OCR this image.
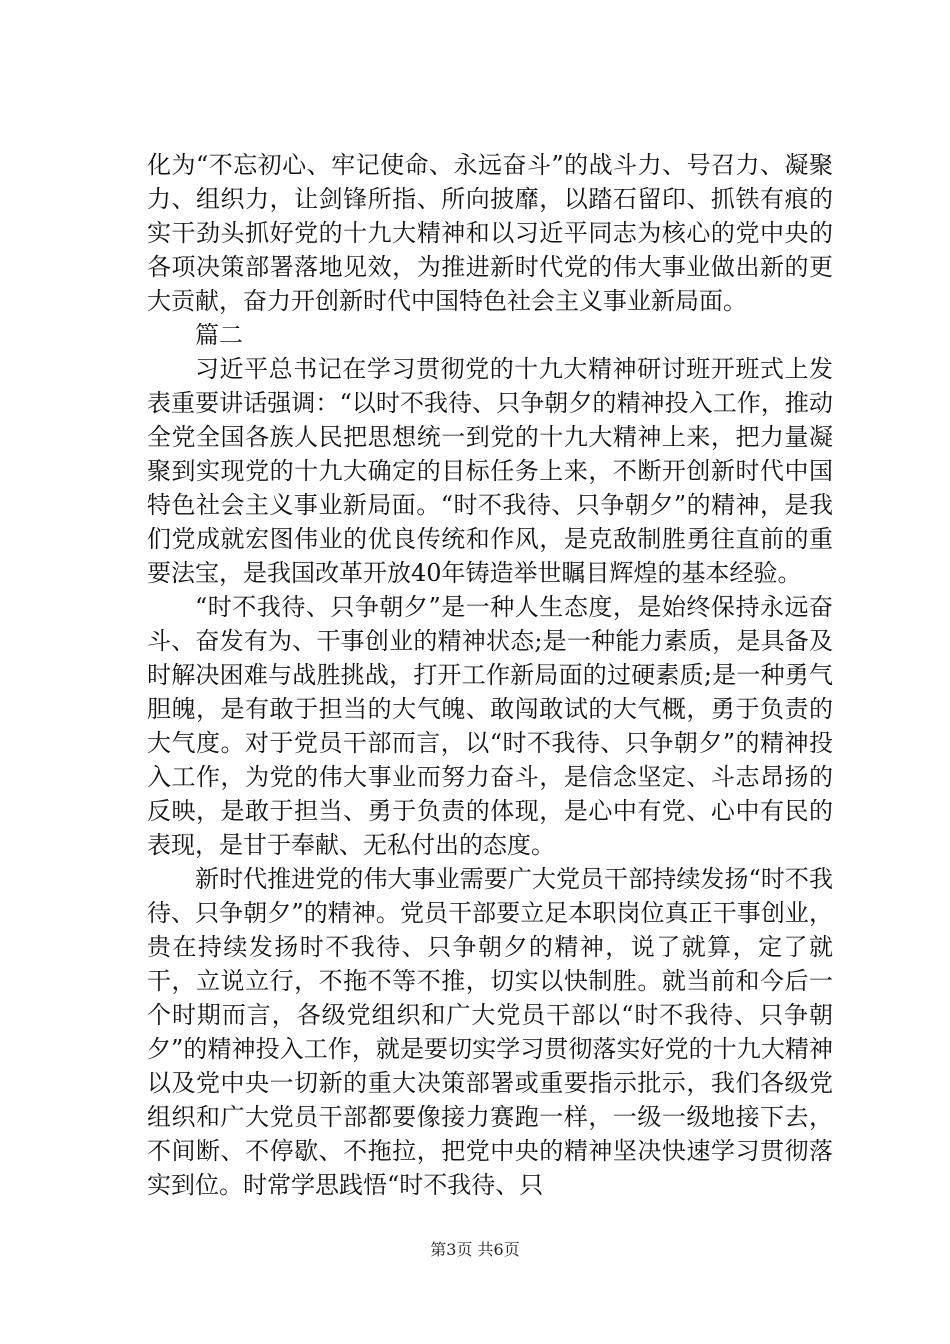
化为“不忘初心、牢记使命、永远奋斗”的战斗力、号召力、凝聚力、组织力，让剑锋所指、所向披靡，以踏石留印、抓铁有痕的实干劲头抓好党的十九大精神和以习近平同志为核心的党中央的各项决策部署落地见效，为推进新时代党的伟大事业做出新的更大贡献，奋力开创新时代中国特色社会主义事业新局面。

篇二

习近平总书记在学习贯彻党的十九大精神研讨班开班式上发表重要讲话强调：“以时不我待、只争朝夕的精神投入工作，推动全党全国各族人民把思想统一到党的十九大精神上来，把力量凝聚到实现党的十九大确定的目标任务上来，不断开创新时代中国特色社会主义事业新局面。“时不我待、只争朝夕”的精神，是我们党成就宏图伟业的优良传统和作风，是克敌制胜勇往直前的重要法宝，是我国改革开放40年铸造举世瞩目辉煌的基本经验。

“时不我待、只争朝夕”是一种人生态度，是始终保持永远奋斗、奋发有为、干事创业的精神状态;是一种能力素质，是具备及时解决困难与战胜挑战，打开工作新局面的过硬素质;是一种勇气胆魄，是有敢于担当的大气魄、敢闯敢试的大气概，勇于负责的大气度。对于党员干部而言，以“时不我待、只争朝夕”的精神投入工作，为党的伟大事业而努力奋斗，是信念坚定、斗志昂扬的反映，是敢于担当、勇于负责的体现，是心中有党、心中有民的表现，是甘于奉献、无私付出的态度。

新时代推进党的伟大事业需要广大党员干部持续发扬“时不我待、只争朝夕”的精神。党员干部要立足本职岗位真正干事创业，贵在持续发扬时不我待、只争朝夕的精神，说了就算，定了就干，立说立行，不拖不等不推，切实以快制胜。就当前和今后一个时期而言，各级党组织和广大党员干部以“时不我待、只争朝夕”的精神投入工作，就是要切实学习贯彻落实好党的十九大精神以及党中央一切新的重大决策部署或重要指示批示，我们各级党组织和广大党员干部都要像接力赛跑一样，一级一级地接下去，不间断、不停歇、不拖拉，把党中央的精神坚决快速学习贯彻落实到位。时常学思践悟“时不我待、只

第3页 共6页
